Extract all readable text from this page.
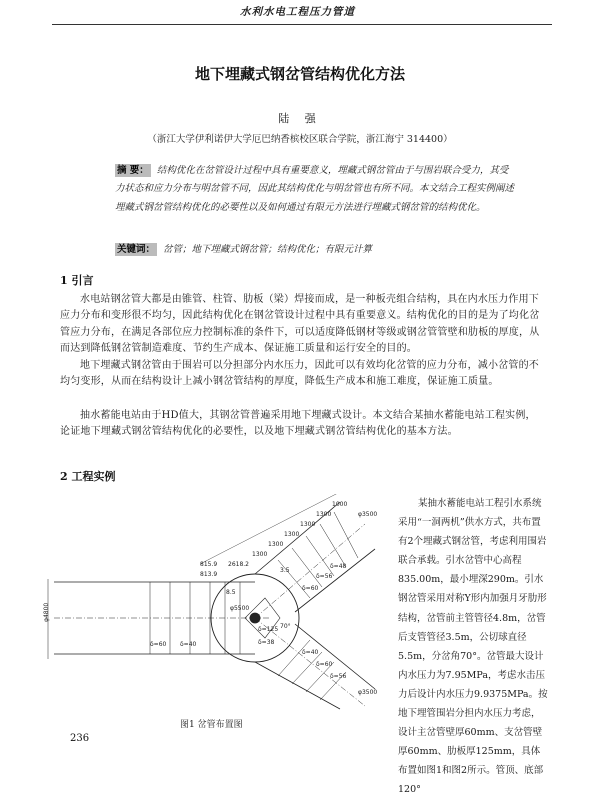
水利水电工程压力管道
地下埋藏式钢岔管结构优化方法
陆 强
（浙江大学伊利诺伊大学厄巴纳香槟校区联合学院，浙江海宁 314400）
摘 要： 结构优化在岔管设计过程中具有重要意义，埋藏式钢岔管由于与围岩联合受力，其受力状态和应力分布与明岔管不同，因此其结构优化与明岔管也有所不同。本文结合工程实例阐述埋藏式钢岔管结构优化的必要性以及如何通过有限元方法进行埋藏式钢岔管的结构优化。
关键词： 岔管；地下埋藏式钢岔管；结构优化；有限元计算
1 引言
水电站钢岔管大都是由锥管、柱管、肋板（梁）焊接而成，是一种板壳组合结构，具在内水压力作用下应力分布和变形很不均匀，因此结构优化在钢岔管设计过程中具有重要意义。结构优化的目的是为了均化岔管应力分布，在满足各部位应力控制标准的条件下，可以适度降低钢材等级或钢岔管管壁和肋板的厚度，从而达到降低钢岔管制造难度、节约生产成本、保证施工质量和运行安全的目的。
地下埋藏式钢岔管由于围岩可以分担部分内水压力，因此可以有效均化岔管的应力分布，减小岔管的不均匀变形，从而在结构设计上减小钢岔管结构的厚度，降低生产成本和施工难度，保证施工质量。
抽水蓄能电站由于HD值大，其钢岔管普遍采用地下埋藏式设计。本文结合某抽水蓄能电站工程实例，论证地下埋藏式钢岔管结构优化的必要性，以及地下埋藏式钢岔管结构优化的基本方法。
2 工程实例
某抽水蓄能电站工程引水系统采用“一洞两机”供水方式，共布置有2个埋藏式钢岔管，考虑利用围岩联合承载。引水岔管中心高程835.00m，最小埋深290m。引水钢岔管采用对称Y形内加强月牙肋形结构，岔管前主管管径4.8m，岔管后支管管径3.5m，公切球直径5.5m，分岔角70°。岔管最大设计内水压力为7.95MPa，考虑水击压力后设计内水压力9.9375MPa。按地下埋管围岩分担内水压力考虑，设计主岔管壁厚60mm、支岔管壁厚60mm、肋板厚125mm，具体布置如图1和图2所示。管顶、底部120°
φ4800
φ3500
φ3500
2618.2
1300
1300
1300
1300
1300
1000
815.9
813.9
8.5
3.5
φ5500
70°
δ=60
δ=125
δ=38
δ=40
δ=60
δ=56
δ=48
δ=40
δ=60
δ=56
图1 岔管布置图
236
